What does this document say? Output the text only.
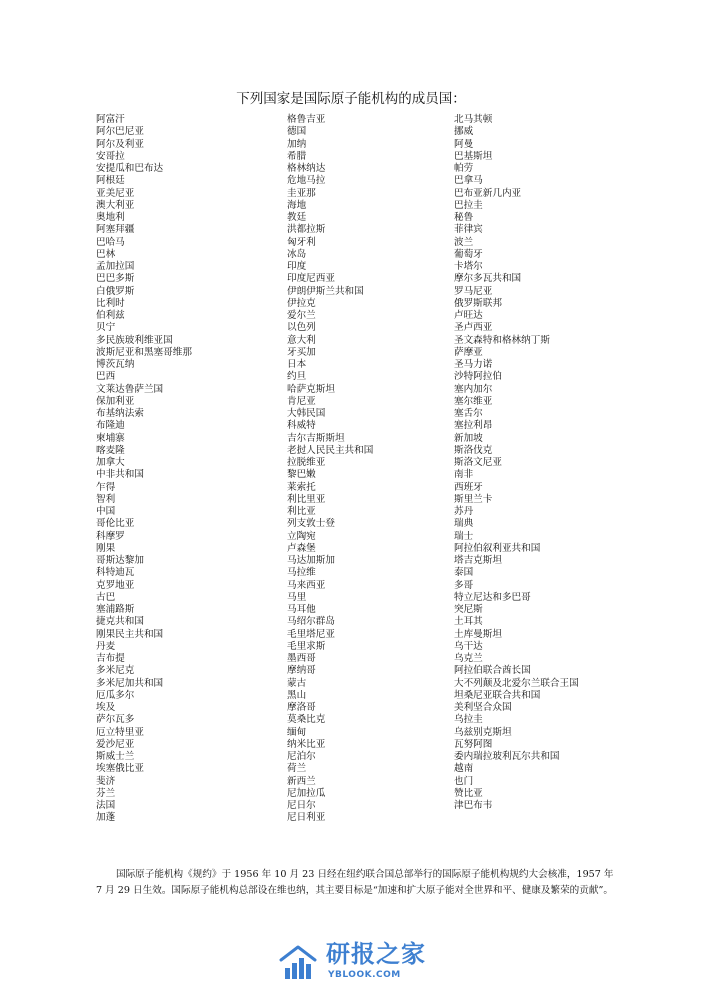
下列国家是国际原子能机构的成员国：
阿富汗
阿尔巴尼亚
阿尔及利亚
安哥拉
安提瓜和巴布达
阿根廷
亚美尼亚
澳大利亚
奥地利
阿塞拜疆
巴哈马
巴林
孟加拉国
巴巴多斯
白俄罗斯
比利时
伯利兹
贝宁
多民族玻利维亚国
波斯尼亚和黑塞哥维那
博茨瓦纳
巴西
文莱达鲁萨兰国
保加利亚
布基纳法索
布隆迪
柬埔寨
喀麦隆
加拿大
中非共和国
乍得
智利
中国
哥伦比亚
科摩罗
刚果
哥斯达黎加
科特迪瓦
克罗地亚
古巴
塞浦路斯
捷克共和国
刚果民主共和国
丹麦
吉布提
多米尼克
多米尼加共和国
厄瓜多尔
埃及
萨尔瓦多
厄立特里亚
爱沙尼亚
斯威士兰
埃塞俄比亚
斐济
芬兰
法国
加蓬
格鲁吉亚
德国
加纳
希腊
格林纳达
危地马拉
圭亚那
海地
教廷
洪都拉斯
匈牙利
冰岛
印度
印度尼西亚
伊朗伊斯兰共和国
伊拉克
爱尔兰
以色列
意大利
牙买加
日本
约旦
哈萨克斯坦
肯尼亚
大韩民国
科威特
吉尔吉斯斯坦
老挝人民民主共和国
拉脱维亚
黎巴嫩
莱索托
利比里亚
利比亚
列支敦士登
立陶宛
卢森堡
马达加斯加
马拉维
马来西亚
马里
马耳他
马绍尔群岛
毛里塔尼亚
毛里求斯
墨西哥
摩纳哥
蒙古
黑山
摩洛哥
莫桑比克
缅甸
纳米比亚
尼泊尔
荷兰
新西兰
尼加拉瓜
尼日尔
尼日利亚
北马其顿
挪威
阿曼
巴基斯坦
帕劳
巴拿马
巴布亚新几内亚
巴拉圭
秘鲁
菲律宾
波兰
葡萄牙
卡塔尔
摩尔多瓦共和国
罗马尼亚
俄罗斯联邦
卢旺达
圣卢西亚
圣文森特和格林纳丁斯
萨摩亚
圣马力诺
沙特阿拉伯
塞内加尔
塞尔维亚
塞舌尔
塞拉利昂
新加坡
斯洛伐克
斯洛文尼亚
南非
西班牙
斯里兰卡
苏丹
瑞典
瑞士
阿拉伯叙利亚共和国
塔吉克斯坦
泰国
多哥
特立尼达和多巴哥
突尼斯
土耳其
土库曼斯坦
乌干达
乌克兰
阿拉伯联合酋长国
大不列颠及北爱尔兰联合王国
坦桑尼亚联合共和国
美利坚合众国
乌拉圭
乌兹别克斯坦
瓦努阿图
委内瑞拉玻利瓦尔共和国
越南
也门
赞比亚
津巴布韦

国际原子能机构《规约》于 1956 年 10 月 23 日经在纽约联合国总部举行的国际原子能机构规约大会核准，1957 年 7 月 29 日生效。国际原子能机构总部设在维也纳，其主要目标是“加速和扩大原子能对全世界和平、健康及繁荣的贡献”。

研报之家
YBLOOK.COM
